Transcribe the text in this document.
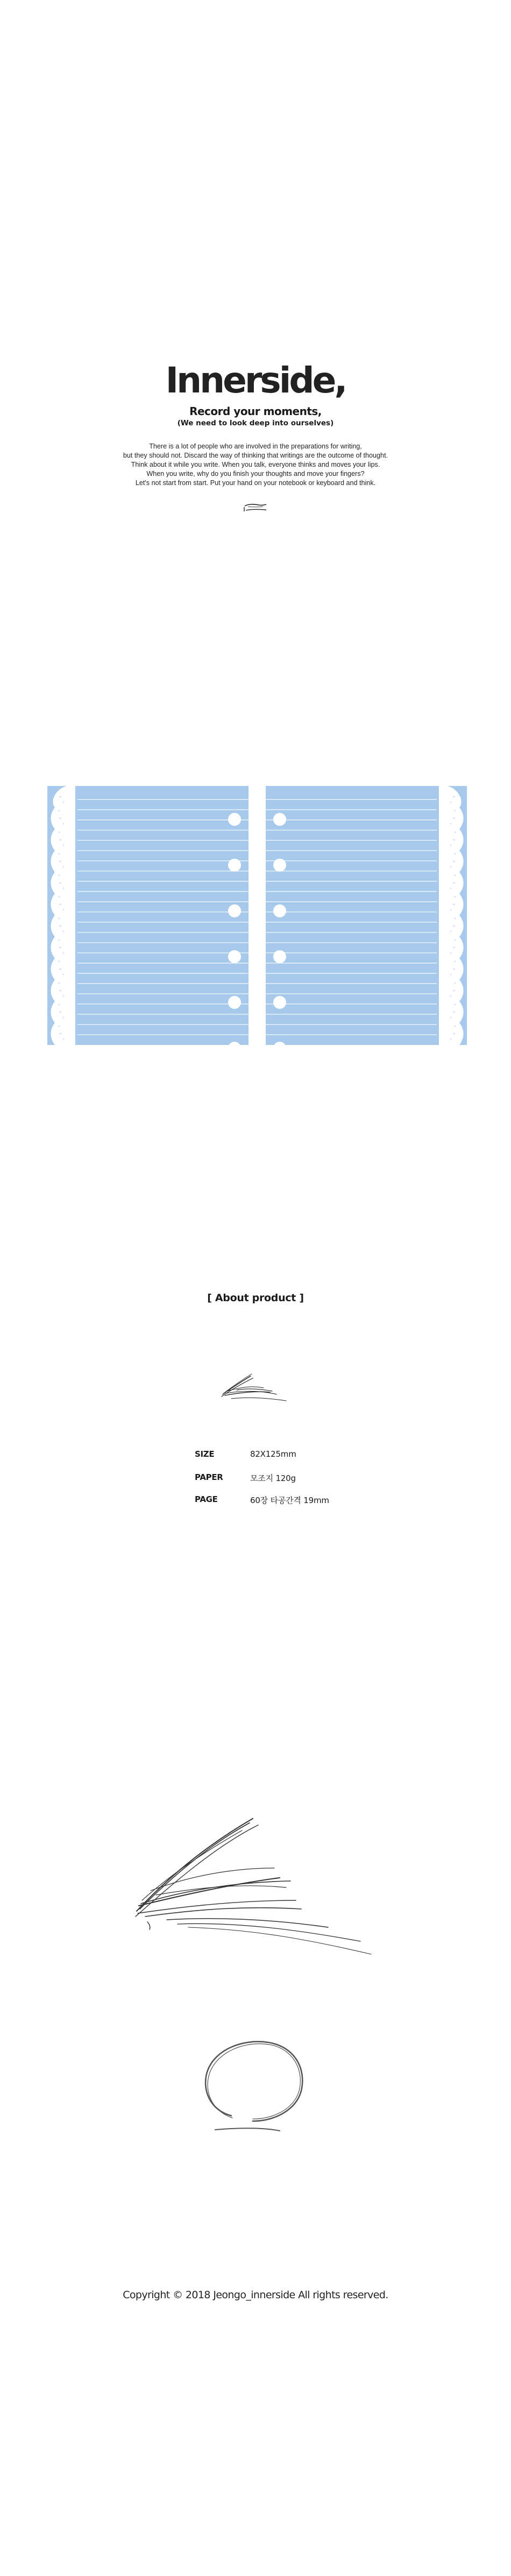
Innerside,
Record your moments,
(We need to look deep into ourselves)
There is a lot of people who are involved in the preparations for writing,
but they should not. Discard the way of thinking that writings are the outcome of thought.
Think about it while you write. When you talk, everyone thinks and moves your lips.
When you write, why do you finish your thoughts and move your fingers?
Let's not start from start. Put your hand on your notebook or keyboard and think.
[ About product ]
SIZE	82X125mm
PAPER	모조지 120g
PAGE	60장 타공간격 19mm
Copyright © 2018 Jeongo_innerside All rights reserved.
